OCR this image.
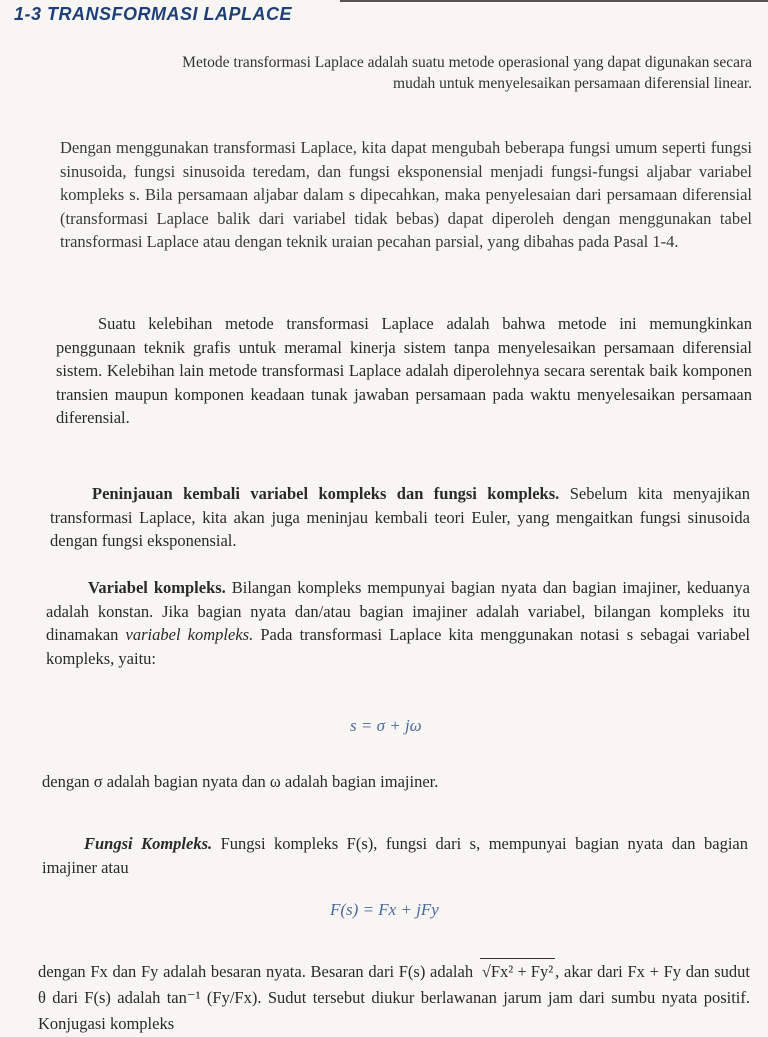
1-3 TRANSFORMASI LAPLACE
Metode transformasi Laplace adalah suatu metode operasional yang dapat digunakan secara mudah untuk menyelesaikan persamaan diferensial linear.
Dengan menggunakan transformasi Laplace, kita dapat mengubah beberapa fungsi umum seperti fungsi sinusoida, fungsi sinusoida teredam, dan fungsi eksponensial menjadi fungsi-fungsi aljabar variabel kompleks s. Bila persamaan aljabar dalam s dipecahkan, maka penyelesaian dari persamaan diferensial (transformasi Laplace balik dari variabel tidak bebas) dapat diperoleh dengan menggunakan tabel transformasi Laplace atau dengan teknik uraian pecahan parsial, yang dibahas pada Pasal 1-4.
Suatu kelebihan metode transformasi Laplace adalah bahwa metode ini memungkinkan penggunaan teknik grafis untuk meramal kinerja sistem tanpa menyelesaikan persamaan diferensial sistem. Kelebihan lain metode transformasi Laplace adalah diperolehnya secara serentak baik komponen transien maupun komponen keadaan tunak jawaban persamaan pada waktu menyelesaikan persamaan diferensial.
Peninjauan kembali variabel kompleks dan fungsi kompleks. Sebelum kita menyajikan transformasi Laplace, kita akan juga meninjau kembali teori Euler, yang mengaitkan fungsi sinusoida dengan fungsi eksponensial.
Variabel kompleks. Bilangan kompleks mempunyai bagian nyata dan bagian imajiner, keduanya adalah konstan. Jika bagian nyata dan/atau bagian imajiner adalah variabel, bilangan kompleks itu dinamakan variabel kompleks. Pada transformasi Laplace kita menggunakan notasi s sebagai variabel kompleks, yaitu:
s = σ + jω
dengan σ adalah bagian nyata dan ω adalah bagian imajiner.
Fungsi Kompleks. Fungsi kompleks F(s), fungsi dari s, mempunyai bagian nyata dan bagian imajiner atau
F(s) = Fx + jFy
dengan Fx dan Fy adalah besaran nyata. Besaran dari F(s) adalah √Fx² + Fy² , akar dari Fx + Fy dan sudut θ dari F(s) adalah tan⁻¹ (Fy/Fx). Sudut tersebut diukur berlawanan jarum jam dari sumbu nyata positif. Konjugasi kompleks
